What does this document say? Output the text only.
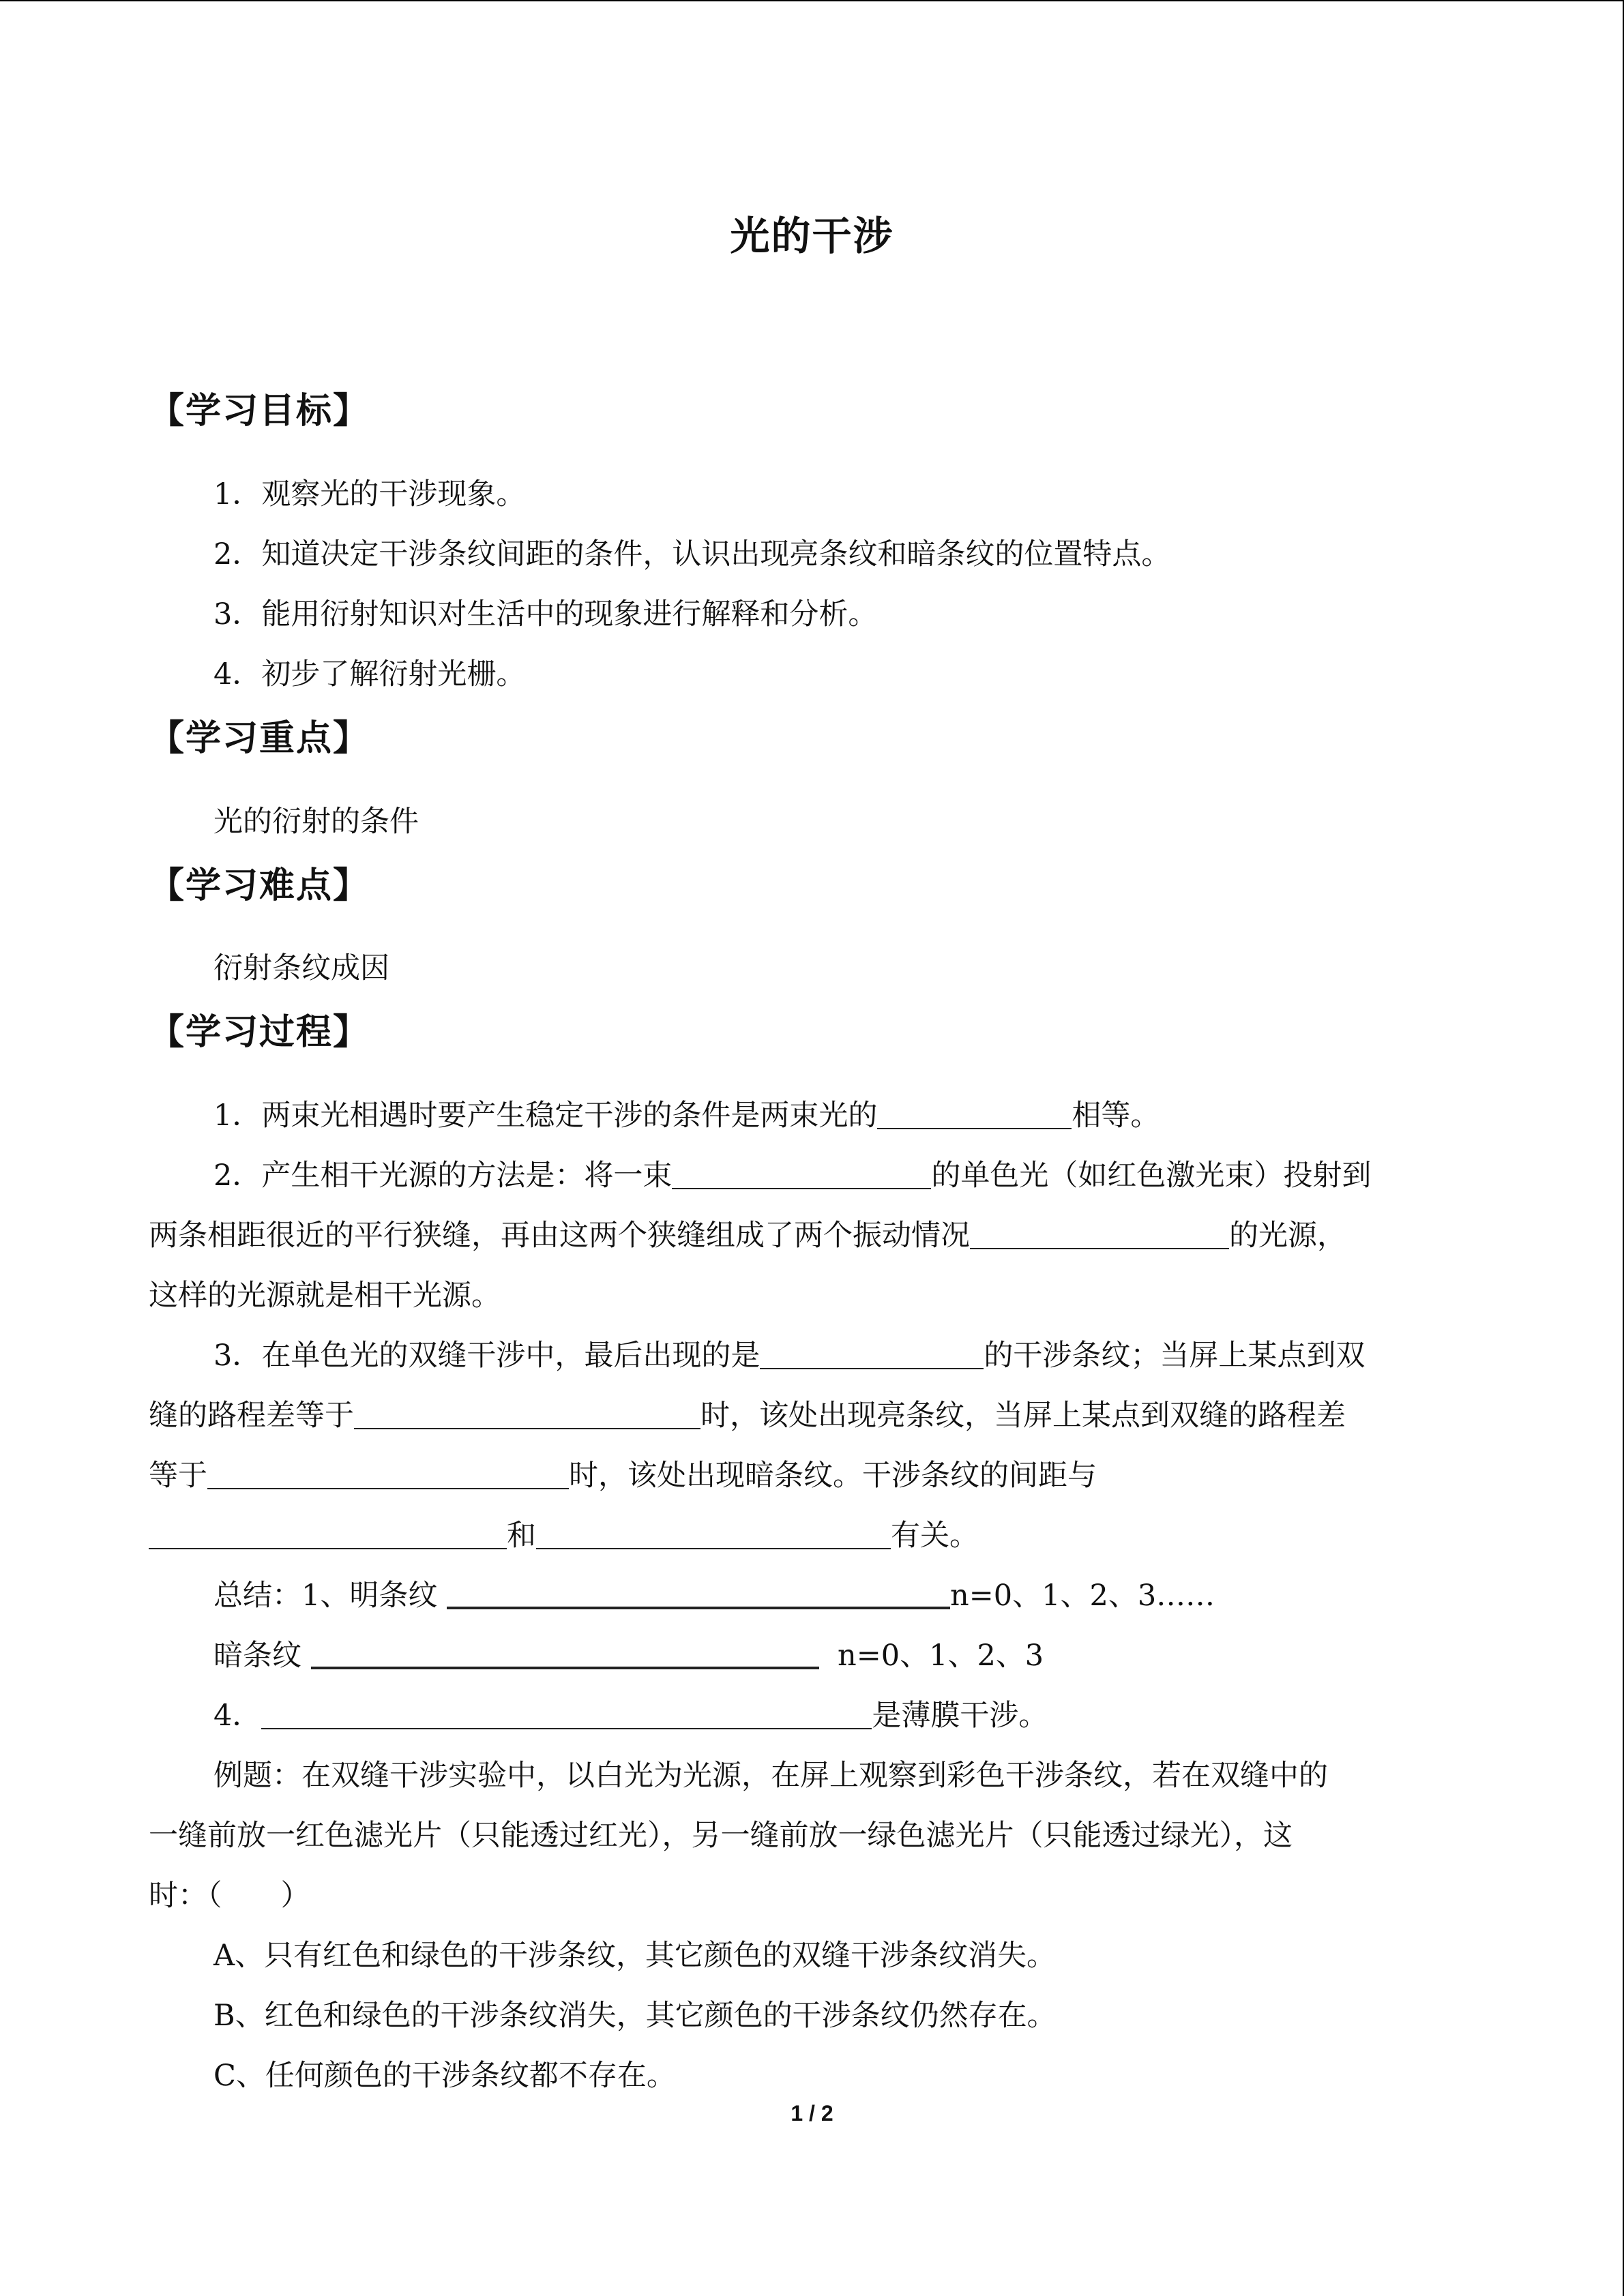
光的干涉
【学习目标】
1．观察光的干涉现象。
2．知道决定干涉条纹间距的条件，认识出现亮条纹和暗条纹的位置特点。
3．能用衍射知识对生活中的现象进行解释和分析。
4．初步了解衍射光栅。
【学习重点】
光的衍射的条件
【学习难点】
衍射条纹成因
【学习过程】
1．两束光相遇时要产生稳定干涉的条件是两束光的	相等。
2．产生相干光源的方法是：将一束	的单色光（如红色激光束）投射到
两条相距很近的平行狭缝，再由这两个狭缝组成了两个振动情况	的光源，
这样的光源就是相干光源。
3．在单色光的双缝干涉中，最后出现的是	的干涉条纹；当屏上某点到双
缝的路程差等于	时，该处出现亮条纹，当屏上某点到双缝的路程差
等于	时，该处出现暗条纹。干涉条纹的间距与
和	有关。
总结：1、明条纹	n=0、1、2、3……
暗条纹	n=0、1、2、3
4．	是薄膜干涉。
例题：在双缝干涉实验中，以白光为光源，在屏上观察到彩色干涉条纹，若在双缝中的
一缝前放一红色滤光片（只能透过红光），另一缝前放一绿色滤光片（只能透过绿光），这
时：（　　）
A、只有红色和绿色的干涉条纹，其它颜色的双缝干涉条纹消失。
B、红色和绿色的干涉条纹消失，其它颜色的干涉条纹仍然存在。
C、任何颜色的干涉条纹都不存在。
1 / 2
